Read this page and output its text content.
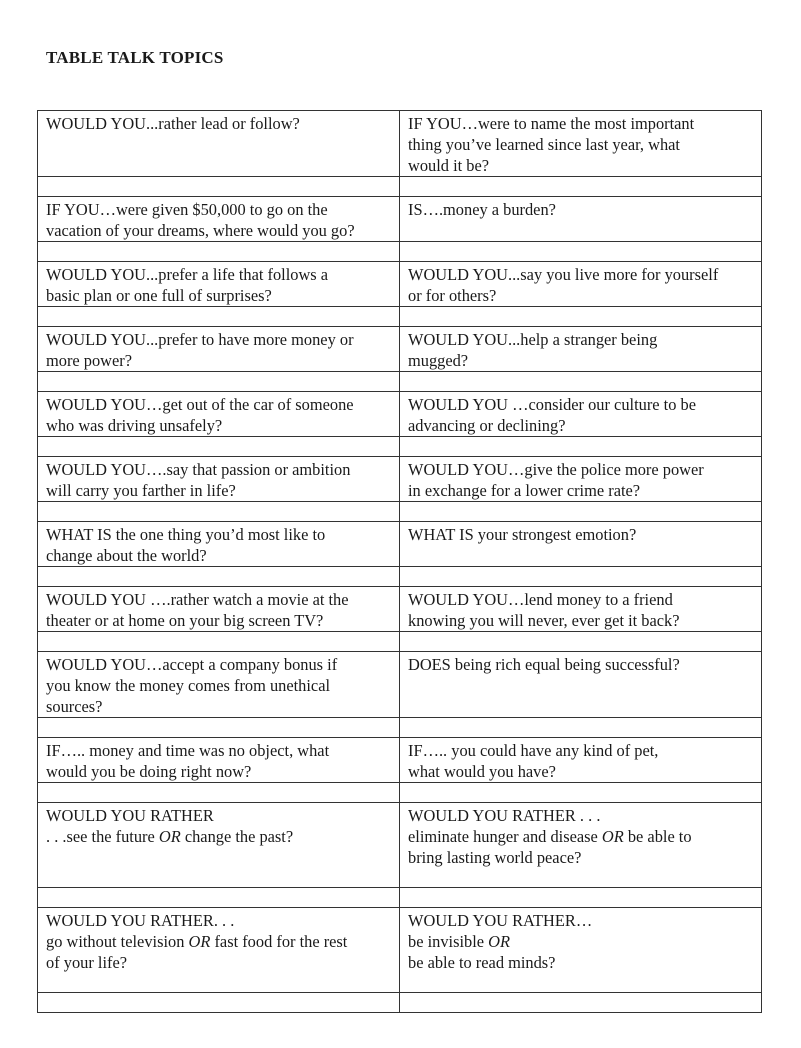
TABLE TALK TOPICS
WOULD YOU...rather lead or follow?	IF YOU…were to name the most important
thing you’ve learned since last year, what
would it be?

IF YOU…were given $50,000 to go on the
vacation of your dreams, where would you go?	IS….money a burden?

WOULD YOU...prefer a life that follows a
basic plan or one full of surprises?	WOULD YOU...say you live more for yourself
or for others?

WOULD YOU...prefer to have more money or
more power?	WOULD YOU...help a stranger being
mugged?

WOULD YOU…get out of the car of someone
who was driving unsafely?	WOULD YOU …consider our culture to be
advancing or declining?

WOULD YOU….say that passion or ambition
will carry you farther in life?	WOULD YOU…give the police more power
in exchange for a lower crime rate?

WHAT IS the one thing you’d most like to
change about the world?	WHAT IS your strongest emotion?

WOULD YOU ….rather watch a movie at the
theater or at home on your big screen TV?	WOULD YOU…lend money to a friend
knowing you will never, ever get it back?

WOULD YOU…accept a company bonus if
you know the money comes from unethical
sources?	DOES being rich equal being successful?

IF….. money and time was no object, what
would you be doing right now?	IF….. you could have any kind of pet,
what would you have?

WOULD YOU RATHER
. . .see the future OR change the past?	WOULD YOU RATHER . . .
eliminate hunger and disease OR be able to
bring lasting world peace?

WOULD YOU RATHER. . .
go without television OR fast food for the rest
of your life?	WOULD YOU RATHER…
be invisible OR
be able to read minds?
